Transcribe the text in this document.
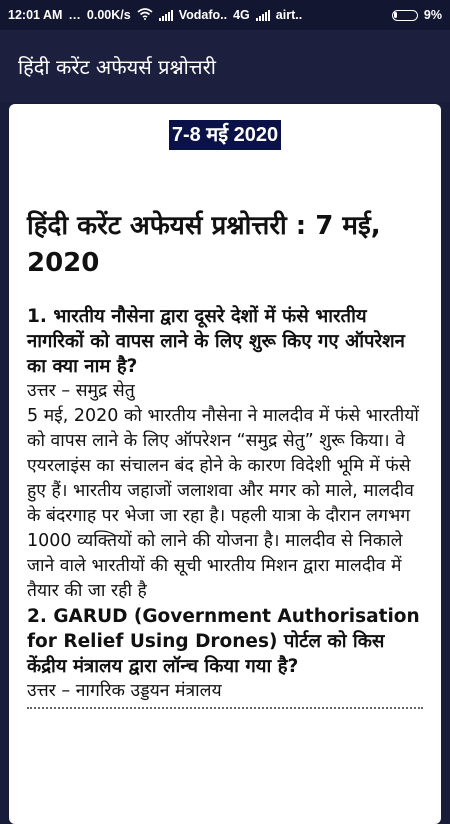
12:01 AM … 0.00K/s	Vodafo.. 4G airt..	9%
हिंदी करेंट अफेयर्स प्रश्नोत्तरी
7-8 मई 2020
हिंदी करेंट अफेयर्स प्रश्नोत्तरी : 7 मई, 2020
1. भारतीय नौसेना द्वारा दूसरे देशों में फंसे भारतीय नागरिकों को वापस लाने के लिए शुरू किए गए ऑपरेशन का क्या नाम है?
उत्तर – समुद्र सेतु
5 मई, 2020 को भारतीय नौसेना ने मालदीव में फंसे भारतीयों को वापस लाने के लिए ऑपरेशन “समुद्र सेतु” शुरू किया। वे एयरलाइंस का संचालन बंद होने के कारण विदेशी भूमि में फंसे हुए हैं। भारतीय जहाजों जलाशवा और मगर को माले, मालदीव के बंदरगाह पर भेजा जा रहा है। पहली यात्रा के दौरान लगभग 1000 व्यक्तियों को लाने की योजना है। मालदीव से निकाले जाने वाले भारतीयों की सूची भारतीय मिशन द्वारा मालदीव में तैयार की जा रही है
2. GARUD (Government Authorisation for Relief Using Drones) पोर्टल को किस केंद्रीय मंत्रालय द्वारा लॉन्च किया गया है?
उत्तर – नागरिक उड्डयन मंत्रालय
